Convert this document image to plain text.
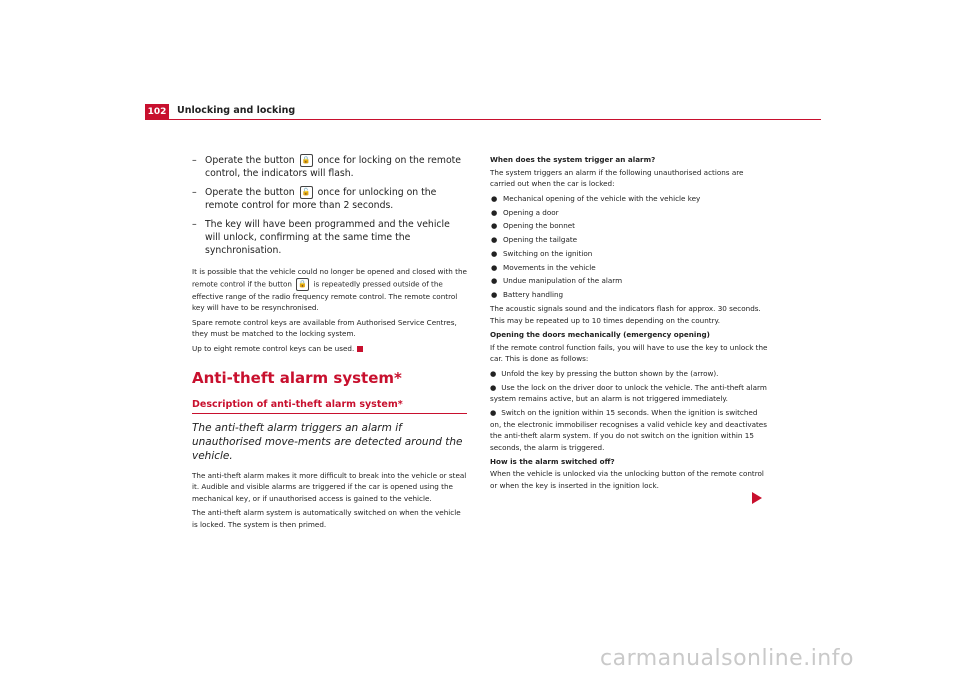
102 Unlocking and locking
– Operate the button 🔒 once for locking on the remote control, the indicators will flash.
– Operate the button 🔓 once for unlocking on the remote control for more than 2 seconds.
– The key will have been programmed and the vehicle will unlock, confirming at the same time the synchronisation.

It is possible that the vehicle could no longer be opened and closed with the remote control if the button 🔒 is repeatedly pressed outside of the effective range of the radio frequency remote control. The remote control key will have to be resynchronised.

Spare remote control keys are available from Authorised Service Centres, they must be matched to the locking system.

Up to eight remote control keys can be used.

Anti-theft alarm system*
Description of anti-theft alarm system*
The anti-theft alarm triggers an alarm if unauthorised move-ments are detected around the vehicle.

The anti-theft alarm makes it more difficult to break into the vehicle or steal it. Audible and visible alarms are triggered if the car is opened using the mechanical key, or if unauthorised access is gained to the vehicle.

The anti-theft alarm system is automatically switched on when the vehicle is locked. The system is then primed.

When does the system trigger an alarm?

The system triggers an alarm if the following unauthorised actions are carried out when the car is locked:

● Mechanical opening of the vehicle with the vehicle key
● Opening a door
● Opening the bonnet
● Opening the tailgate
● Switching on the ignition
● Movements in the vehicle
● Undue manipulation of the alarm
● Battery handling

The acoustic signals sound and the indicators flash for approx. 30 seconds. This may be repeated up to 10 times depending on the country.

Opening the doors mechanically (emergency opening)

If the remote control function fails, you will have to use the key to unlock the car. This is done as follows:

● Unfold the key by pressing the button shown by the (arrow).
● Use the lock on the driver door to unlock the vehicle. The anti-theft alarm system remains active, but an alarm is not triggered immediately.
● Switch on the ignition within 15 seconds. When the ignition is switched on, the electronic immobiliser recognises a valid vehicle key and deactivates the anti-theft alarm system. If you do not switch on the ignition within 15 seconds, the alarm is triggered.

How is the alarm switched off?

When the vehicle is unlocked via the unlocking button of the remote control or when the key is inserted in the ignition lock.

carmanualsonline.info
